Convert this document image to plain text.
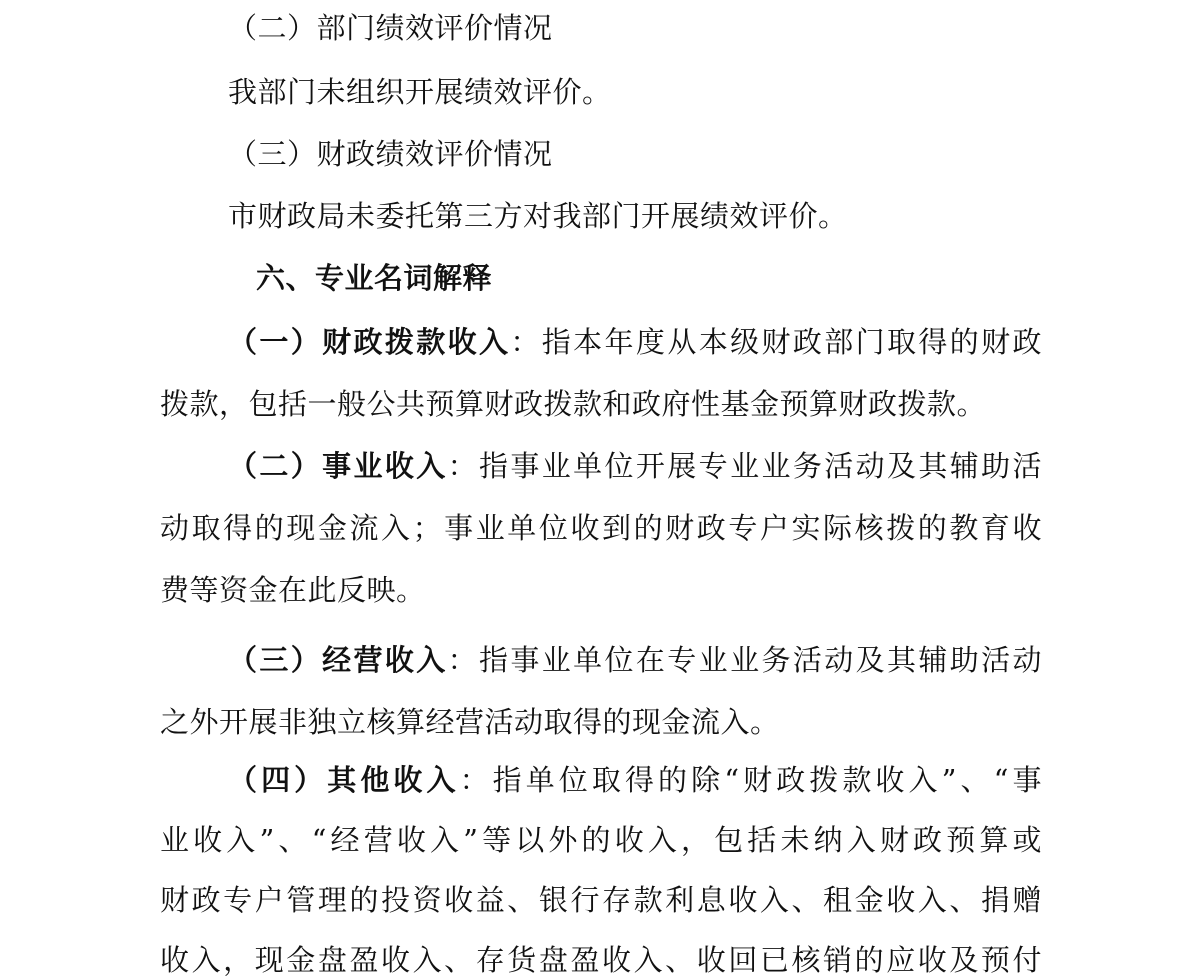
（二）部门绩效评价情况
我部门未组织开展绩效评价。
（三）财政绩效评价情况
市财政局未委托第三方对我部门开展绩效评价。
六、专业名词解释
（一）财政拨款收入：指本年度从本级财政部门取得的财政
拨款，包括一般公共预算财政拨款和政府性基金预算财政拨款。
（二）事业收入：指事业单位开展专业业务活动及其辅助活
动取得的现金流入；事业单位收到的财政专户实际核拨的教育收
费等资金在此反映。
（三）经营收入：指事业单位在专业业务活动及其辅助活动
之外开展非独立核算经营活动取得的现金流入。
（四）其他收入：指单位取得的除“财政拨款收入”、“事
业收入”、“经营收入”等以外的收入，包括未纳入财政预算或
财政专户管理的投资收益、银行存款利息收入、租金收入、捐赠
收入，现金盘盈收入、存货盘盈收入、收回已核销的应收及预付
